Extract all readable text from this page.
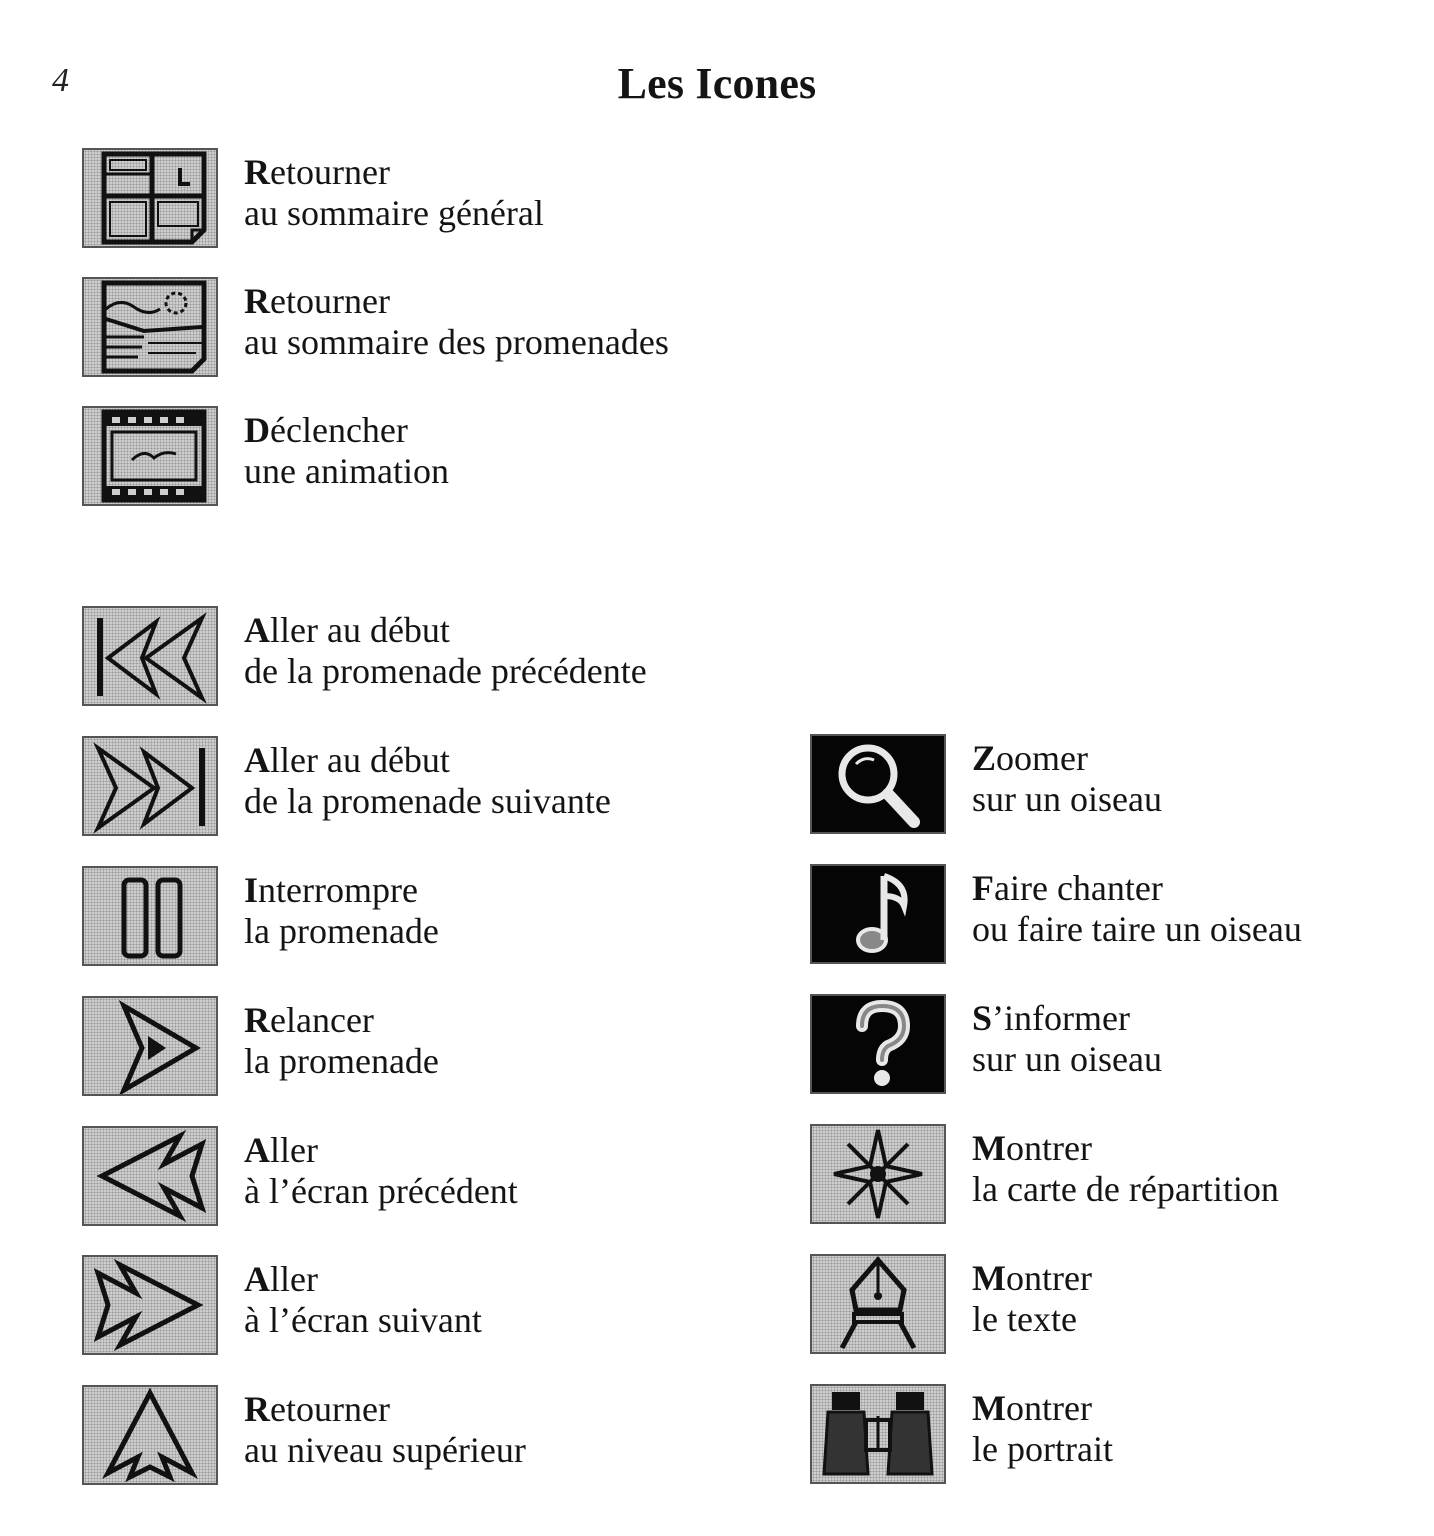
4	Les Icones
Retourner
au sommaire général
Retourner
au sommaire des promenades
Déclencher
une animation
Aller au début
de la promenade précédente
Aller au début
de la promenade suivante
Interrompre
la promenade
Relancer
la promenade
Aller
à l’écran précédent
Aller
à l’écran suivant
Retourner
au niveau supérieur
Zoomer
sur un oiseau
Faire chanter
ou faire taire un oiseau
S’informer
sur un oiseau
Montrer
la carte de répartition
Montrer
le texte
Montrer
le portrait
